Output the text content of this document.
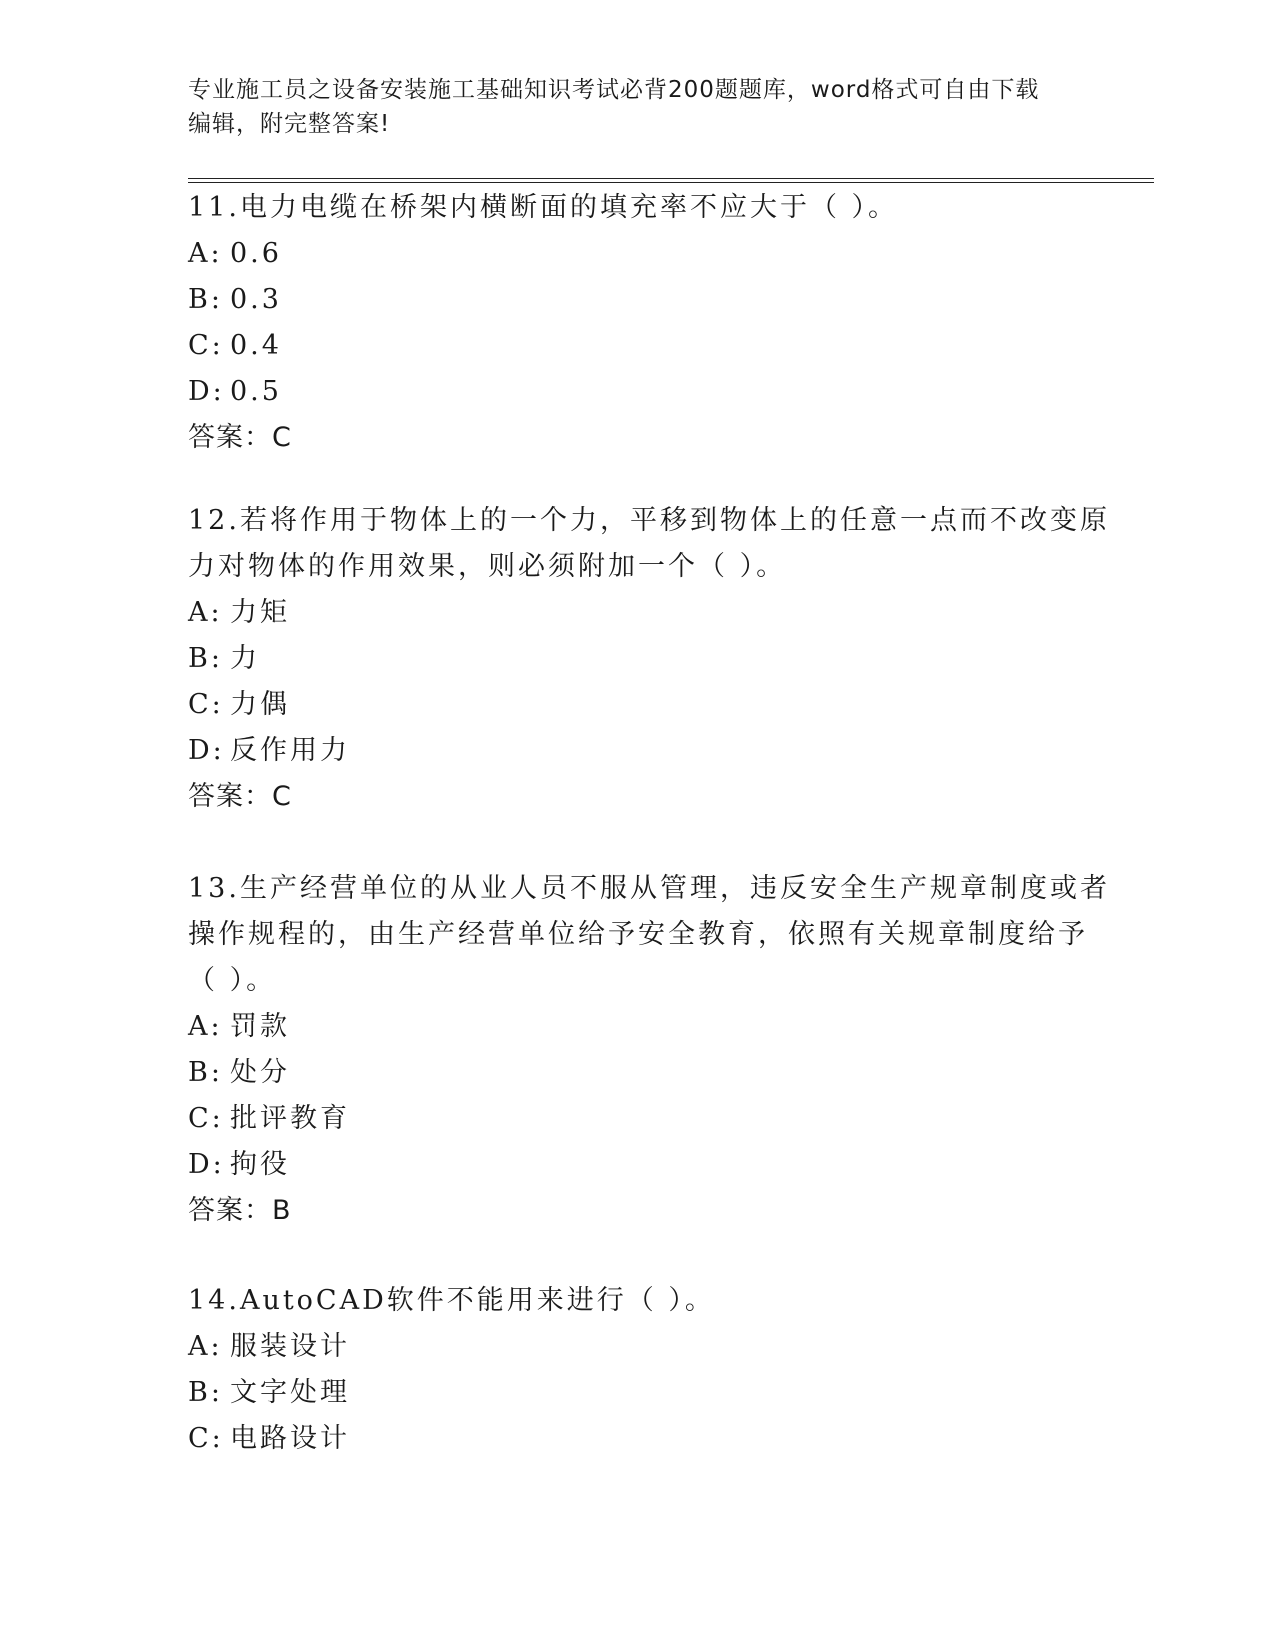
专业施工员之设备安装施工基础知识考试必背200题题库，word格式可自由下载
编辑，附完整答案!
11.电力电缆在桥架内横断面的填充率不应大于（ ）。
A: 0.6
B: 0.3
C: 0.4
D: 0.5
答案：C
12.若将作用于物体上的一个力，平移到物体上的任意一点而不改变原
力对物体的作用效果，则必须附加一个（ ）。
A: 力矩
B: 力
C: 力偶
D: 反作用力
答案：C
13.生产经营单位的从业人员不服从管理，违反安全生产规章制度或者
操作规程的，由生产经营单位给予安全教育，依照有关规章制度给予
（ ）。
A: 罚款
B: 处分
C: 批评教育
D: 拘役
答案：B
14.AutoCAD软件不能用来进行（ ）。
A: 服装设计
B: 文字处理
C: 电路设计
